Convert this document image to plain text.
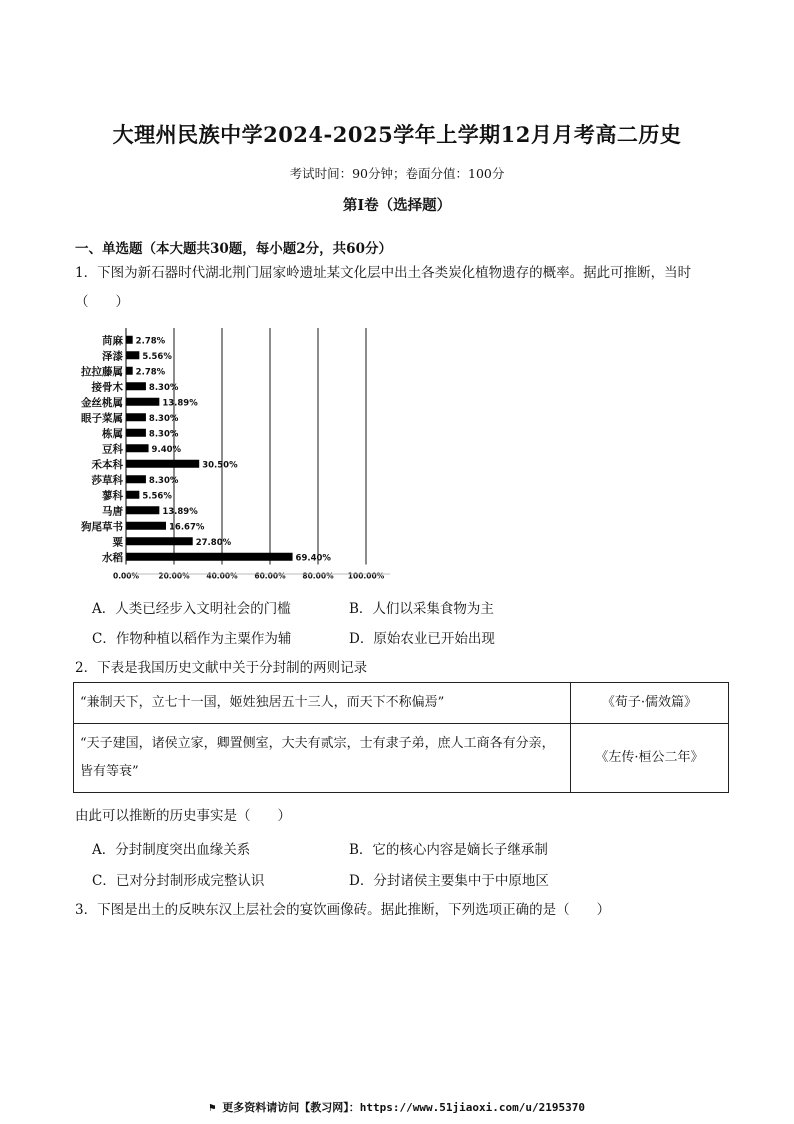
大理州民族中学2024-2025学年上学期12月月考高二历史
考试时间：90分钟；卷面分值：100分
第I卷（选择题）
一、单选题（本大题共30题，每小题2分，共60分）
1．下图为新石器时代湖北荆门屈家岭遗址某文化层中出土各类炭化植物遗存的概率。据此可推断，当时
（　　）
苘麻
泽漆
拉拉藤属
接骨木
金丝桃属
眼子菜属
栋属
豆科
禾本科
莎草科
蓼科
马唐
狗尾草书
粟
水稻
2.78%
5.56%
2.78%
8.30%
13.89%
8.30%
8.30%
9.40%
30.50%
8.30%
5.56%
13.89%
16.67%
27.80%
69.40%
0.00%	20.00% 40.00% 60.00% 80.00% 100.00%
A．人类已经步入文明社会的门槛	B．人们以采集食物为主
C．作物种植以稻作为主粟作为辅	D．原始农业已开始出现
2．下表是我国历史文献中关于分封制的两则记录
“兼制天下，立七十一国，姬姓独居五十三人，而天下不称偏焉”	《荀子·儒效篇》
“天子建国，诸侯立家，卿置侧室，大夫有贰宗，士有隶子弟，庶人工商各有分亲，皆有等衰”	《左传·桓公二年》
由此可以推断的历史事实是（　　）
A．分封制度突出血缘关系	B．它的核心内容是嫡长子继承制
C．已对分封制形成完整认识	D．分封诸侯主要集中于中原地区
3．下图是出土的反映东汉上层社会的宴饮画像砖。据此推断，下列选项正确的是（　　）
⚑ 更多资料请访问【教习网】：https://www.51jiaoxi.com/u/2195370
